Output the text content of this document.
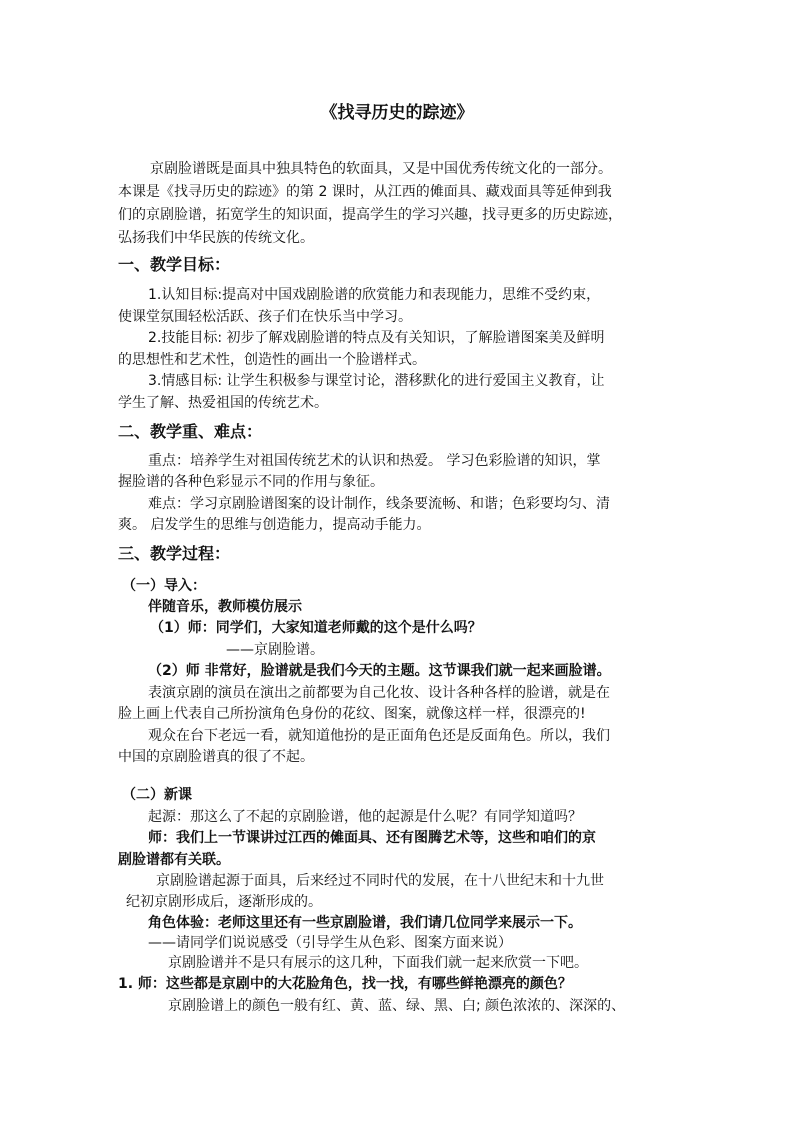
《找寻历史的踪迹》
京剧脸谱既是面具中独具特色的软面具，又是中国优秀传统文化的一部分。
本课是《找寻历史的踪迹》的第 2 课时，从江西的傩面具、藏戏面具等延伸到我
们的京剧脸谱，拓宽学生的知识面，提高学生的学习兴趣，找寻更多的历史踪迹，
弘扬我们中华民族的传统文化。
一、教学目标：
1.认知目标:提高对中国戏剧脸谱的欣赏能力和表现能力，思维不受约束，
使课堂氛围轻松活跃、孩子们在快乐当中学习。
2.技能目标: 初步了解戏剧脸谱的特点及有关知识，了解脸谱图案美及鲜明
的思想性和艺术性，创造性的画出一个脸谱样式。
3.情感目标: 让学生积极参与课堂讨论，潜移默化的进行爱国主义教育，让
学生了解、热爱祖国的传统艺术。
二、教学重、难点：
重点：培养学生对祖国传统艺术的认识和热爱。 学习色彩脸谱的知识，掌
握脸谱的各种色彩显示不同的作用与象征。
难点：学习京剧脸谱图案的设计制作，线条要流畅、和谐；色彩要均匀、清
爽。 启发学生的思维与创造能力，提高动手能力。
三、教学过程：
（一）导入：
伴随音乐，教师模仿展示
（1）师：同学们，大家知道老师戴的这个是什么吗？
——京剧脸谱。
（2）师 非常好，脸谱就是我们今天的主题。这节课我们就一起来画脸谱。
表演京剧的演员在演出之前都要为自己化妆、设计各种各样的脸谱，就是在
脸上画上代表自己所扮演角色身份的花纹、图案，就像这样一样，很漂亮的!
观众在台下老远一看，就知道他扮的是正面角色还是反面角色。所以，我们
中国的京剧脸谱真的很了不起。
（二）新课
起源：那这么了不起的京剧脸谱，他的起源是什么呢？有同学知道吗？
师：我们上一节课讲过江西的傩面具、还有图腾艺术等，这些和咱们的京
剧脸谱都有关联。
京剧脸谱起源于面具，后来经过不同时代的发展，在十八世纪末和十九世
纪初京剧形成后，逐渐形成的。
角色体验：老师这里还有一些京剧脸谱，我们请几位同学来展示一下。
——请同学们说说感受（引导学生从色彩、图案方面来说）
京剧脸谱并不是只有展示的这几种，下面我们就一起来欣赏一下吧。
1. 师：这些都是京剧中的大花脸角色，找一找，有哪些鲜艳漂亮的颜色？
京剧脸谱上的颜色一般有红、黄、蓝、绿、黑、白; 颜色浓浓的、深深的、
